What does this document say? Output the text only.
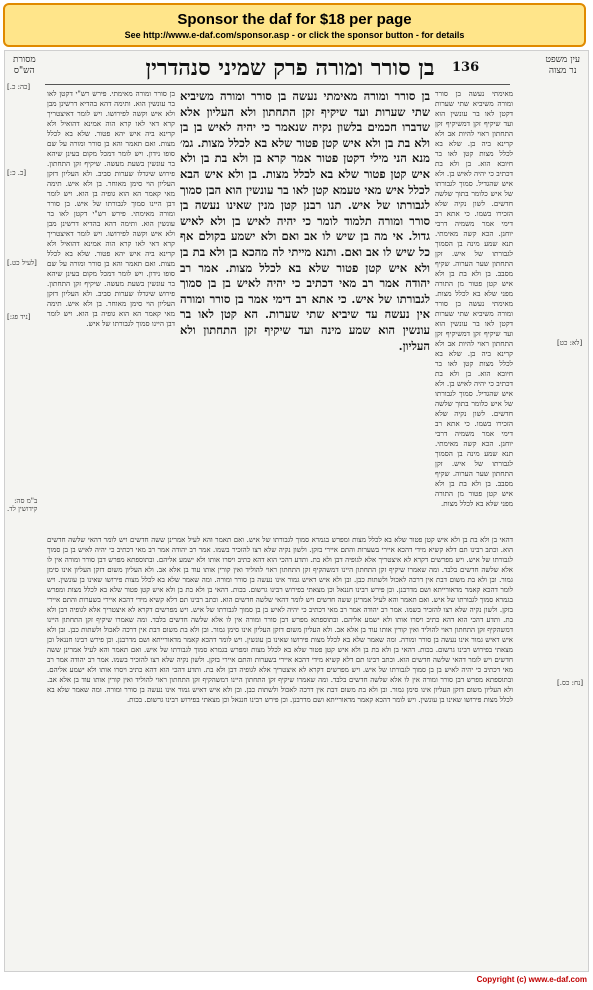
Sponsor the daf for $18 per page
See http://www.e-daf.com/sponsor.asp - or click the sponsor button - for details
בן סורר ומורה פרק שמיני סנהדרין	136
מסורת
הש"ס
עין משפט
נר מצוה
מאימתי נעשה בן סורר ומורה משיביא שתי שערות דקטן לאו בר עונשין הוא ועד שיקיף זקן דמשיקיף זקן התחתון ראוי להיות אב ולא קרינא ביה בן. שלא בא לכלל מצות קטן לאו בר חיובא הוא. בן ולא בת דכתיב כי יהיה לאיש בן. ולא איש שהגדיל. סמוך לגבורתו של איש כלומר בתוך שלשה חדשים. לשון נקיה שלא הזכירו בשמו. כי אתא רב דימי אמר משמיה דרבי יוחנן. הכא קשה מאימתי. תנא שמע מינה בן הסמוך לגבורתו של איש. זקן התחתון שער הערוה. שקיף מסבב. בן ולא בת בן ולא איש קטן פטור מן התורה מפני שלא בא לכלל מצות. מאימתי נעשה בן סורר ומורה משיביא שתי שערות דקטן לאו בר עונשין הוא ועד שיקיף זקן דמשיקיף זקן התחתון ראוי להיות אב ולא קרינא ביה בן. שלא בא לכלל מצות קטן לאו בר חיובא הוא. בן ולא בת דכתיב כי יהיה לאיש בן. ולא איש שהגדיל. סמוך לגבורתו של איש כלומר בתוך שלשה חדשים. לשון נקיה שלא הזכירו בשמו. כי אתא רב דימי אמר משמיה דרבי יוחנן. הכא קשה מאימתי. תנא שמע מינה בן הסמוך לגבורתו של איש. זקן התחתון שער הערוה. שקיף מסבב. בן ולא בת בן ולא איש קטן פטור מן התורה מפני שלא בא לכלל מצות.
בן סורר ומורה מאימתי נעשה בן סורר ומורה משיביא שתי שערות ועד שיקיף זקן התחתון ולא העליון אלא שדברו חכמים בלשון נקיה שנאמר כי יהיה לאיש בן בן ולא בת בן ולא איש קטן פטור שלא בא לכלל מצות. גמ׳ מנא הני מילי דקטן פטור אמר קרא בן ולא בת בן ולא איש קטן פטור שלא בא לכלל מצות. בן ולא איש הבא לכלל איש מאי טעמא קטן לאו בר עונשין הוא הבן סמוך לגבורתו של איש. תנו רבנן קטן מנין שאינו נעשה בן סורר ומורה תלמוד לומר כי יהיה לאיש בן ולא לאיש גדול. אי מה בן שיש לו אב ואם ולא ישמע בקולם אף כל שיש לו אב ואם. ותנא מייתי לה מהכא בן ולא בת בן ולא איש קטן פטור שלא בא לכלל מצות. אמר רב יהודה אמר רב מאי דכתיב כי יהיה לאיש בן בן סמוך לגבורתו של איש. כי אתא רב דימי אמר בן סורר ומורה אין נעשה עד שיביא שתי שערות. הא קטן לאו בר עונשין הוא שמע מינה ועד שיקיף זקן התחתון ולא העליון.
בן סורר ומורה מאימתי. פירש רש"י דקטן לאו בר עונשין הוא. ותימה דהא בהדיא דרשינן מבן ולא איש וקשה לפירושו. ויש לומר דאיצטריך קרא דאי לאו קרא הוה אמינא דהואיל ולא קרינא ביה איש יהא פטור. שלא בא לכלל מצות. ואם תאמר והא בן סורר ומורה על שם סופו נידון. ויש לומר דמכל מקום בעינן שיהא בר עונשין בשעת מעשה. שיקיף זקן התחתון. פירוש שיגדלו שערות סביב. ולא העליון דזקן העליון הוי סימן מאוחר. בן ולא איש. תימה מאי קאמר הא הוא גופיה בן הוא. ויש לומר דבן היינו סמוך לגבורתו של איש. בן סורר ומורה מאימתי. פירש רש"י דקטן לאו בר עונשין הוא. ותימה דהא בהדיא דרשינן מבן ולא איש וקשה לפירושו. ויש לומר דאיצטריך קרא דאי לאו קרא הוה אמינא דהואיל ולא קרינא ביה איש יהא פטור. שלא בא לכלל מצות. ואם תאמר והא בן סורר ומורה על שם סופו נידון. ויש לומר דמכל מקום בעינן שיהא בר עונשין בשעת מעשה. שיקיף זקן התחתון. פירוש שיגדלו שערות סביב. ולא העליון דזקן העליון הוי סימן מאוחר. בן ולא איש. תימה מאי קאמר הא הוא גופיה בן הוא. ויש לומר דבן היינו סמוך לגבורתו של איש.
דהאי בן ולא בת בן ולא איש קטן פטור שלא בא לכלל מצות ומפרש בגמרא סמוך לגבורתו של איש. ואם תאמר והא לעיל אמרינן ששה חדשים ויש לומר דהאי שלשה חדשים הוא. וכתב רבינו תם דלא קשיא מידי דהכא איירי בשערות והתם איירי בזקן. ולשון נקיה שלא רצו להזכיר בשמו. אמר רב יהודה אמר רב מאי דכתיב כי יהיה לאיש בן בן סמוך לגבורתו של איש. ויש מפרשים דקרא לא איצטריך אלא לגופיה דבן ולא בת. ותדע דהכי הוא דהא כתיב ויסרו אותו ולא ישמע אליהם. ובתוספתא מפרש דבן סורר ומורה אין לו אלא שלשה חדשים בלבד. ומה שאמרו שיקיף זקן התחתון היינו דמשהקיף זקן התחתון ראוי להוליד ואין קורין אותו עוד בן אלא אב. ולא העליון משום דזקן העליון אינו סימן גמור. ובן ולא בת משום דבת אין דרכה לאכול ולשתות כבן. ובן ולא איש דאיש גמור אינו נעשה בן סורר ומורה. ומה שאמר שלא בא לכלל מצות פירושו שאינו בן עונשין. ויש לומר דהכא קאמר מדאורייתא ושם מדרבנן. וכן פירש רבינו חננאל וכן מצאתי בפירוש רבינו גרשום. בכות. דהאי בן ולא בת בן ולא איש קטן פטור שלא בא לכלל מצות ומפרש בגמרא סמוך לגבורתו של איש. ואם תאמר והא לעיל אמרינן ששה חדשים ויש לומר דהאי שלשה חדשים הוא. וכתב רבינו תם דלא קשיא מידי דהכא איירי בשערות והתם איירי בזקן. ולשון נקיה שלא רצו להזכיר בשמו. אמר רב יהודה אמר רב מאי דכתיב כי יהיה לאיש בן בן סמוך לגבורתו של איש. ויש מפרשים דקרא לא איצטריך אלא לגופיה דבן ולא בת. ותדע דהכי הוא דהא כתיב ויסרו אותו ולא ישמע אליהם. ובתוספתא מפרש דבן סורר ומורה אין לו אלא שלשה חדשים בלבד. ומה שאמרו שיקיף זקן התחתון היינו דמשהקיף זקן התחתון ראוי להוליד ואין קורין אותו עוד בן אלא אב. ולא העליון משום דזקן העליון אינו סימן גמור. ובן ולא בת משום דבת אין דרכה לאכול ולשתות כבן. ובן ולא איש דאיש גמור אינו נעשה בן סורר ומורה. ומה שאמר שלא בא לכלל מצות פירושו שאינו בן עונשין. ויש לומר דהכא קאמר מדאורייתא ושם מדרבנן. וכן פירש רבינו חננאל וכן מצאתי בפירוש רבינו גרשום. בכות. דהאי בן ולא בת בן ולא איש קטן פטור שלא בא לכלל מצות ומפרש בגמרא סמוך לגבורתו של איש. ואם תאמר והא לעיל אמרינן ששה חדשים ויש לומר דהאי שלשה חדשים הוא. וכתב רבינו תם דלא קשיא מידי דהכא איירי בשערות והתם איירי בזקן. ולשון נקיה שלא רצו להזכיר בשמו. אמר רב יהודה אמר רב מאי דכתיב כי יהיה לאיש בן בן סמוך לגבורתו של איש. ויש מפרשים דקרא לא איצטריך אלא לגופיה דבן ולא בת. ותדע דהכי הוא דהא כתיב ויסרו אותו ולא ישמע אליהם. ובתוספתא מפרש דבן סורר ומורה אין לו אלא שלשה חדשים בלבד. ומה שאמרו שיקיף זקן התחתון היינו דמשהקיף זקן התחתון ראוי להוליד ואין קורין אותו עוד בן אלא אב. ולא העליון משום דזקן העליון אינו סימן גמור. ובן ולא בת משום דבת אין דרכה לאכול ולשתות כבן. ובן ולא איש דאיש גמור אינו נעשה בן סורר ומורה. ומה שאמר שלא בא לכלל מצות פירושו שאינו בן עונשין. ויש לומר דהכא קאמר מדאורייתא ושם מדרבנן. וכן פירש רבינו חננאל וכן מצאתי בפירוש רבינו גרשום. בכות.
[כה: כ.]
[כ. כ:]
[לעיל כט.]
[ניד פג:]
ב"מ סה:
קידושין לד.
[לא: כט]
[נח: כס.]
Copyright (c) www.e-daf.com
